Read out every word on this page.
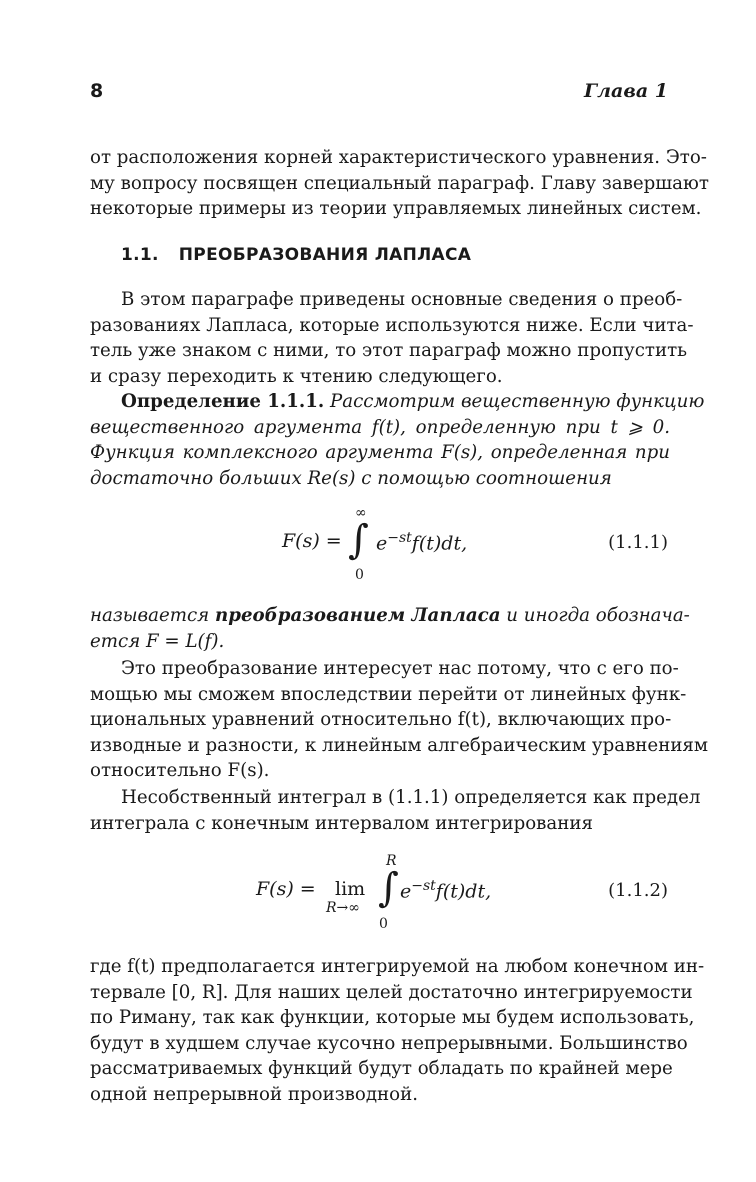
8	Глава 1
от расположения корней характеристического уравнения. Это-
му вопросу посвящен специальный параграф. Главу завершают
некоторые примеры из теории управляемых линейных систем.
1.1. ПРЕОБРАЗОВАНИЯ ЛАПЛАСА
В этом параграфе приведены основные сведения о преоб-
разованиях Лапласа, которые используются ниже. Если чита-
тель уже знаком с ними, то этот параграф можно пропустить
и сразу переходить к чтению следующего.
Определение 1.1.1. Рассмотрим вещественную функцию
вещественного аргумента f(t), определенную при t ⩾ 0.
Функция комплексного аргумента F(s), определенная при
достаточно больших Re(s) с помощью соотношения
F(s) =
∞
∫
0
$e^{-st}f(t)dt$,	(1.1.1)
называется преобразованием Лапласа и иногда обознача-
ется F = L(f).
Это преобразование интересует нас потому, что с его по-
мощью мы сможем впоследствии перейти от линейных функ-
циональных уравнений относительно f(t), включающих про-
изводные и разности, к линейным алгебраическим уравнениям
относительно F(s).
Несобственный интеграл в (1.1.1) определяется как предел
интеграла с конечным интервалом интегрирования
F(s) = lim
R→∞
R
∫
0
$e^{-st}f(t)dt$,	(1.1.2)
где f(t) предполагается интегрируемой на любом конечном ин-
тервале [0, R]. Для наших целей достаточно интегрируемости
по Риману, так как функции, которые мы будем использовать,
будут в худшем случае кусочно непрерывными. Большинство
рассматриваемых функций будут обладать по крайней мере
одной непрерывной производной.
